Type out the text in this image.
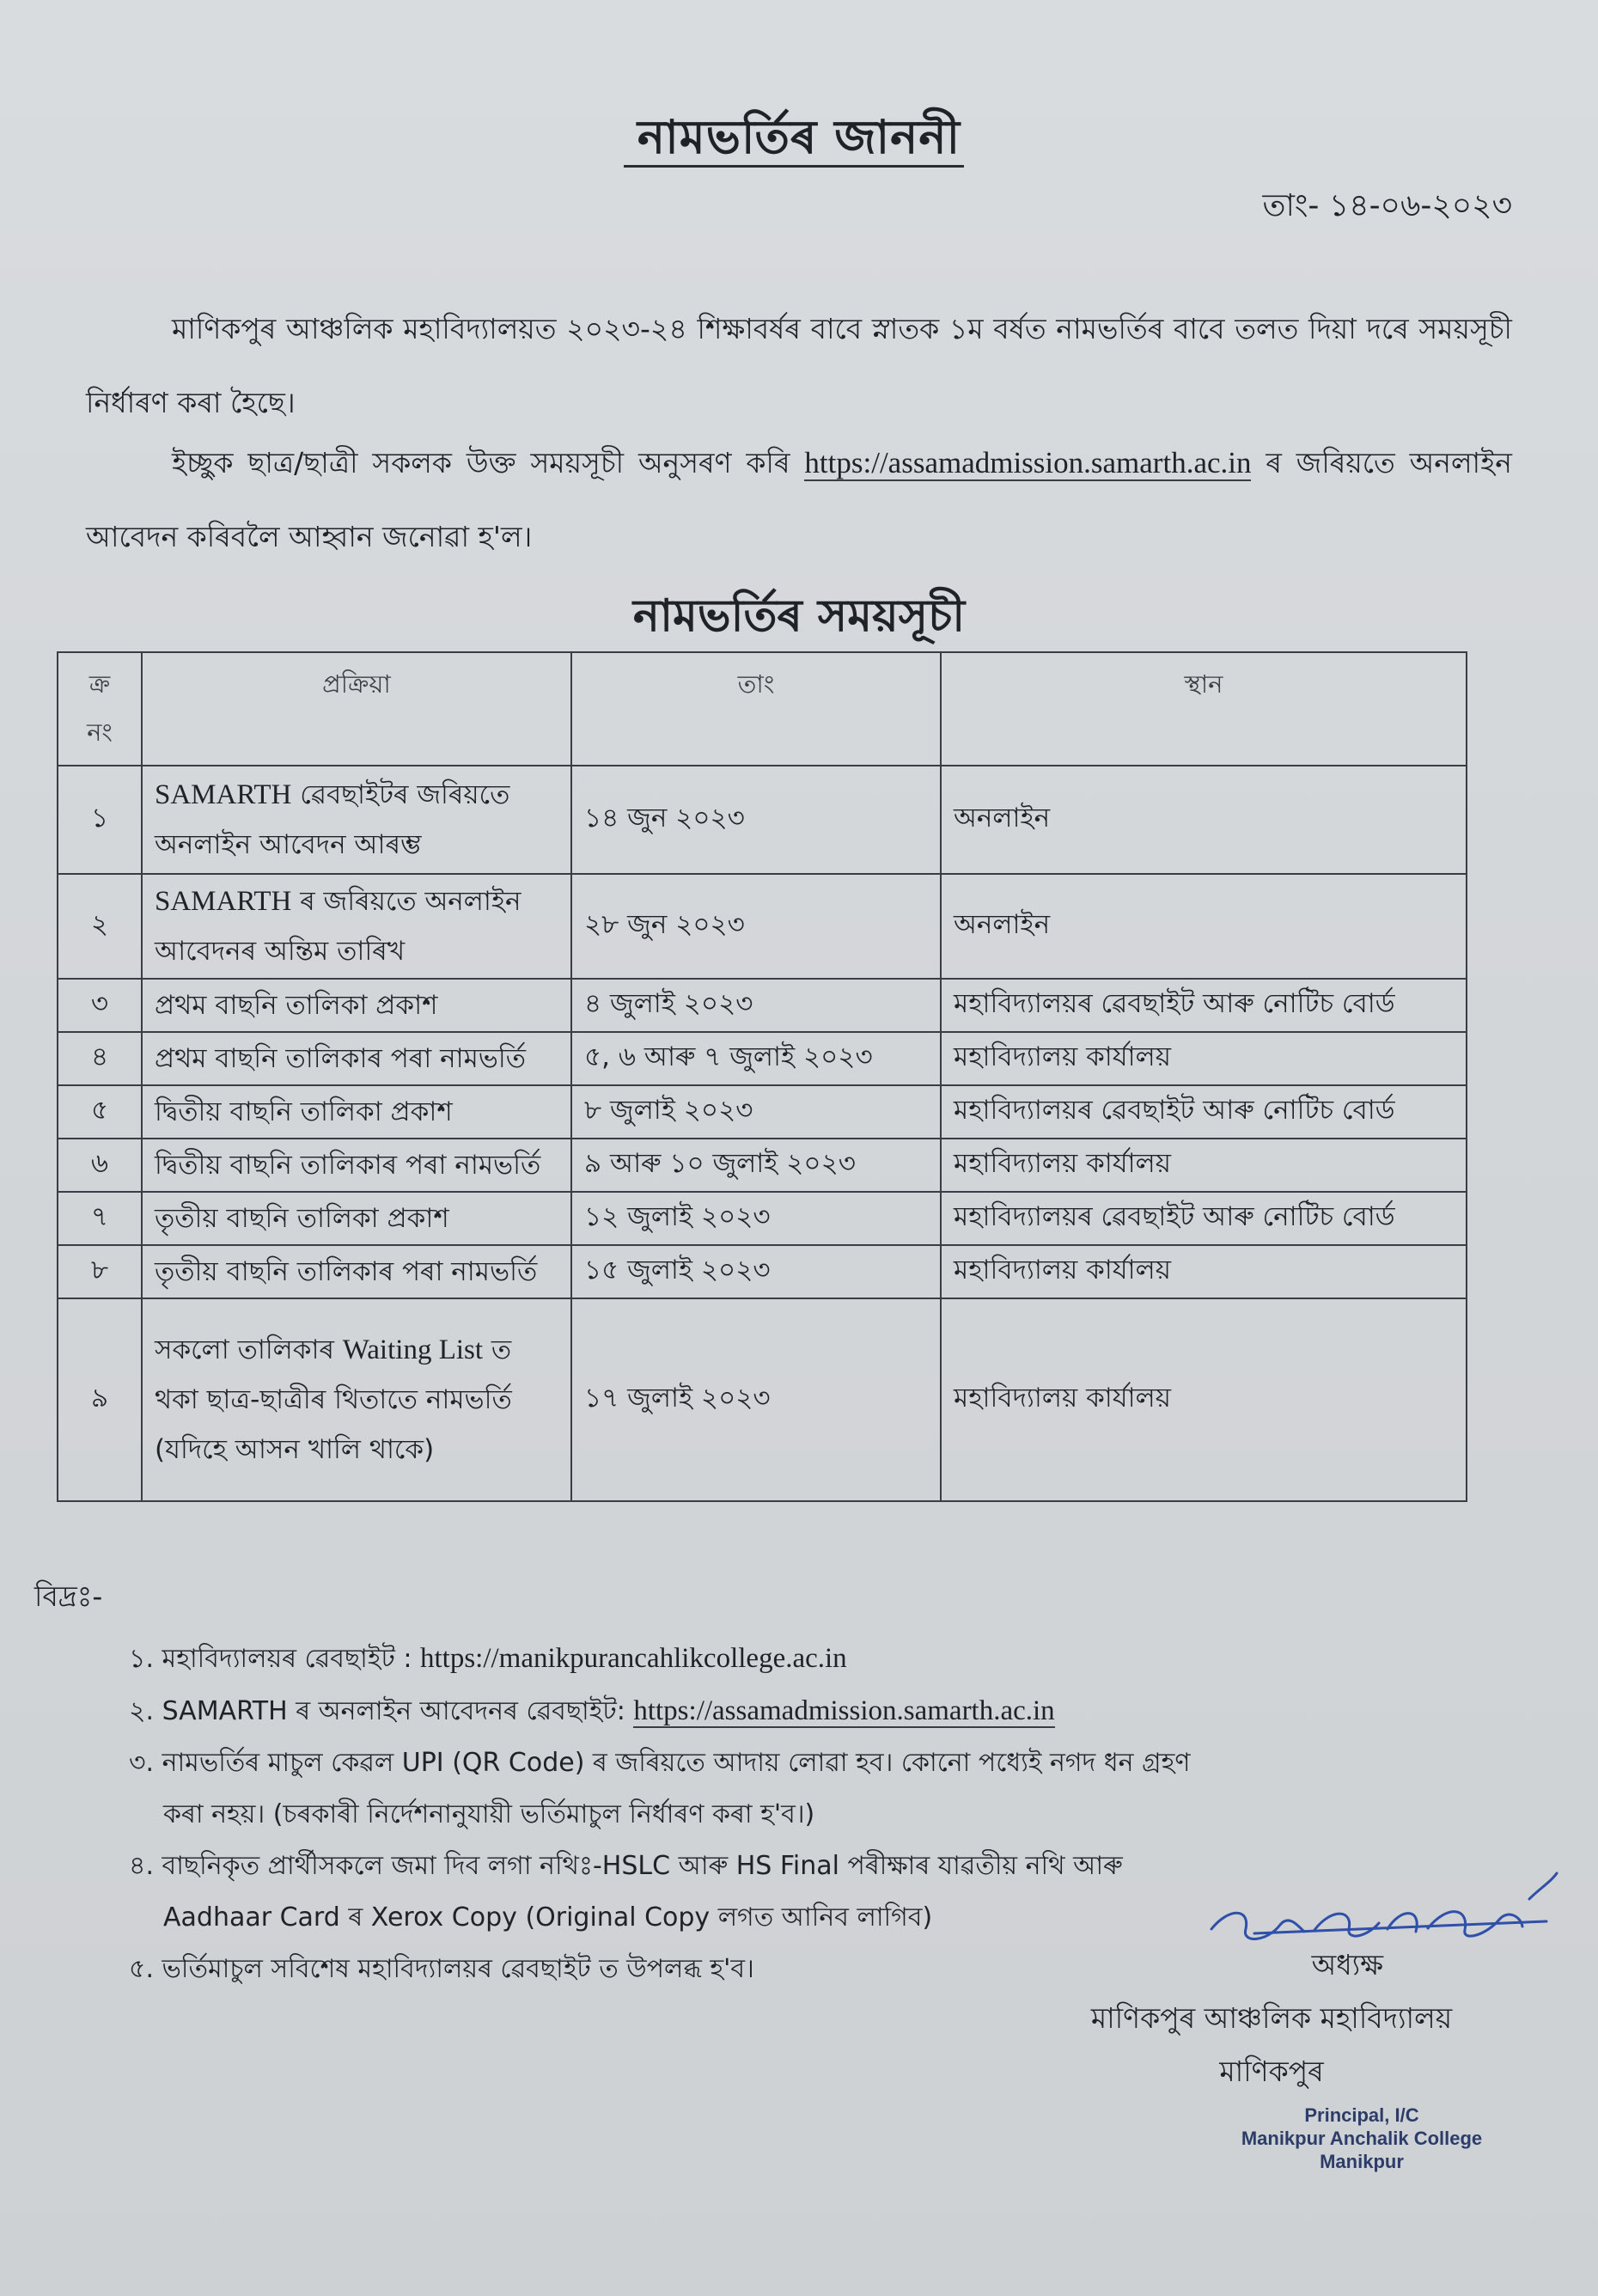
নামভৰ্তিৰ জাননী
তাং- ১৪-০৬-২০২৩
মাণিকপুৰ আঞ্চলিক মহাবিদ্যালয়ত ২০২৩-২৪ শিক্ষাবৰ্ষৰ বাবে স্নাতক ১ম বৰ্ষত নামভৰ্তিৰ বাবে তলত দিয়া দৰে সময়সূচী নিৰ্ধাৰণ কৰা হৈছে।
ইচ্ছুক ছাত্ৰ/ছাত্ৰী সকলক উক্ত সময়সূচী অনুসৰণ কৰি https://assamadmission.samarth.ac.in ৰ জৰিয়তে অনলাইন আবেদন কৰিবলৈ আহ্বান জনোৱা হ'ল।
নামভৰ্তিৰ সময়সূচী
ক্র
নং	প্ৰক্ৰিয়া	তাং	স্থান
১	SAMARTH ৱেবছাইটৰ জৰিয়তে অনলাইন আবেদন আৰম্ভ	১৪ জুন ২০২৩	অনলাইন
২	SAMARTH ৰ জৰিয়তে অনলাইন আবেদনৰ অন্তিম তাৰিখ	২৮ জুন ২০২৩	অনলাইন
৩	প্ৰথম বাছনি তালিকা প্ৰকাশ	৪ জুলাই ২০২৩	মহাবিদ্যালয়ৰ ৱেবছাইট আৰু নোটিচ বোৰ্ড
৪	প্ৰথম বাছনি তালিকাৰ পৰা নামভৰ্তি	৫, ৬ আৰু ৭ জুলাই ২০২৩	মহাবিদ্যালয় কাৰ্যালয়
৫	দ্বিতীয় বাছনি তালিকা প্ৰকাশ	৮ জুলাই ২০২৩	মহাবিদ্যালয়ৰ ৱেবছাইট আৰু নোটিচ বোৰ্ড
৬	দ্বিতীয় বাছনি তালিকাৰ পৰা নামভৰ্তি	৯ আৰু ১০ জুলাই ২০২৩	মহাবিদ্যালয় কাৰ্যালয়
৭	তৃতীয় বাছনি তালিকা প্ৰকাশ	১২ জুলাই ২০২৩	মহাবিদ্যালয়ৰ ৱেবছাইট আৰু নোটিচ বোৰ্ড
৮	তৃতীয় বাছনি তালিকাৰ পৰা নামভৰ্তি	১৫ জুলাই ২০২৩	মহাবিদ্যালয় কাৰ্যালয়
৯	সকলো তালিকাৰ Waiting List ত থকা ছাত্ৰ-ছাত্ৰীৰ থিতাতে নামভৰ্তি (যদিহে আসন খালি থাকে)	১৭ জুলাই ২০২৩	মহাবিদ্যালয় কাৰ্যালয়
বিদ্ৰঃ-
১. মহাবিদ্যালয়ৰ ৱেবছাইট : https://manikpurancahlikcollege.ac.in
২. SAMARTH ৰ অনলাইন আবেদনৰ ৱেবছাইট: https://assamadmission.samarth.ac.in
৩. নামভৰ্তিৰ মাচুল কেৱল UPI (QR Code) ৰ জৰিয়তে আদায় লোৱা হব। কোনো পধ্যেই নগদ ধন গ্ৰহণ কৰা নহয়। (চৰকাৰী নিৰ্দেশনানুযায়ী ভৰ্তিমাচুল নিৰ্ধাৰণ কৰা হ'ব।)
৪. বাছনিকৃত প্ৰাৰ্থীসকলে জমা দিব লগা নথিঃ-HSLC আৰু HS Final পৰীক্ষাৰ যাৱতীয় নথি আৰু Aadhaar Card ৰ Xerox Copy (Original Copy লগত আনিব লাগিব)
৫. ভৰ্তিমাচুল সবিশেষ মহাবিদ্যালয়ৰ ৱেবছাইট ত উপলব্ধ হ'ব।	অধ্যক্ষ
মাণিকপুৰ আঞ্চলিক মহাবিদ্যালয়
মাণিকপুৰ
Principal, I/C
Manikpur Anchalik College
Manikpur
